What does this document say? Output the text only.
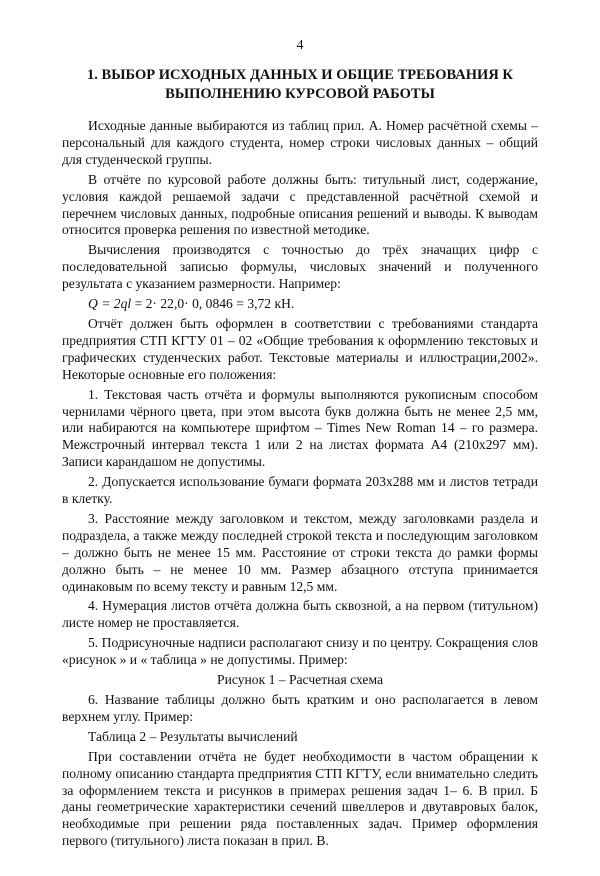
4
1. ВЫБОР ИСХОДНЫХ ДАННЫХ И ОБЩИЕ ТРЕБОВАНИЯ К ВЫПОЛНЕНИЮ КУРСОВОЙ РАБОТЫ

Исходные данные выбираются из таблиц прил. А. Номер расчётной схемы – персональный для каждого студента, номер строки числовых данных – общий для студенческой группы.

В отчёте по курсовой работе должны быть: титульный лист, содержание, условия каждой решаемой задачи с представленной расчётной схемой и перечнем числовых данных, подробные описания решений и выводы. К выводам относится проверка решения по известной методике.

Вычисления производятся с точностью до трёх значащих цифр с последовательной записью формулы, числовых значений и полученного результата с указанием размерности. Например:

Q = 2ql = 2· 22,0· 0, 0846 = 3,72 кН.

Отчёт должен быть оформлен в соответствии с требованиями стандарта предприятия СТП КГТУ 01 – 02 «Общие требования к оформлению текстовых и графических студенческих работ. Текстовые материалы и иллюстрации,2002». Некоторые основные его положения:

1. Текстовая часть отчёта и формулы выполняются рукописным способом чернилами чёрного цвета, при этом высота букв должна быть не менее 2,5 мм, или набираются на компьютере шрифтом – Times New Roman 14 – го размера. Межстрочный интервал текста 1 или 2 на листах формата А4 (210х297 мм). Записи карандашом не допустимы.

2. Допускается использование бумаги формата 203х288 мм и листов тетради в клетку.

3. Расстояние между заголовком и текстом, между заголовками раздела и подраздела, а также между последней строкой текста и последующим заголовком – должно быть не менее 15 мм. Расстояние от строки текста до рамки формы должно быть – не менее 10 мм. Размер абзацного отступа принимается одинаковым по всему тексту и равным 12,5 мм.

4. Нумерация листов отчёта должна быть сквозной, а на первом (титульном) листе номер не проставляется.

5. Подрисуночные надписи располагают снизу и по центру. Сокращения слов «рисунок » и « таблица » не допустимы. Пример:

Рисунок 1 – Расчетная схема

6. Название таблицы должно быть кратким и оно располагается в левом верхнем углу. Пример:

Таблица 2 – Результаты вычислений

При составлении отчёта не будет необходимости в частом обращении к полному описанию стандарта предприятия СТП КГТУ, если внимательно следить за оформлением текста и рисунков в примерах решения задач 1– 6. В прил. Б даны геометрические характеристики сечений швеллеров и двутавровых балок, необходимые при решении ряда поставленных задач. Пример оформления первого (титульного) листа показан в прил. В.
